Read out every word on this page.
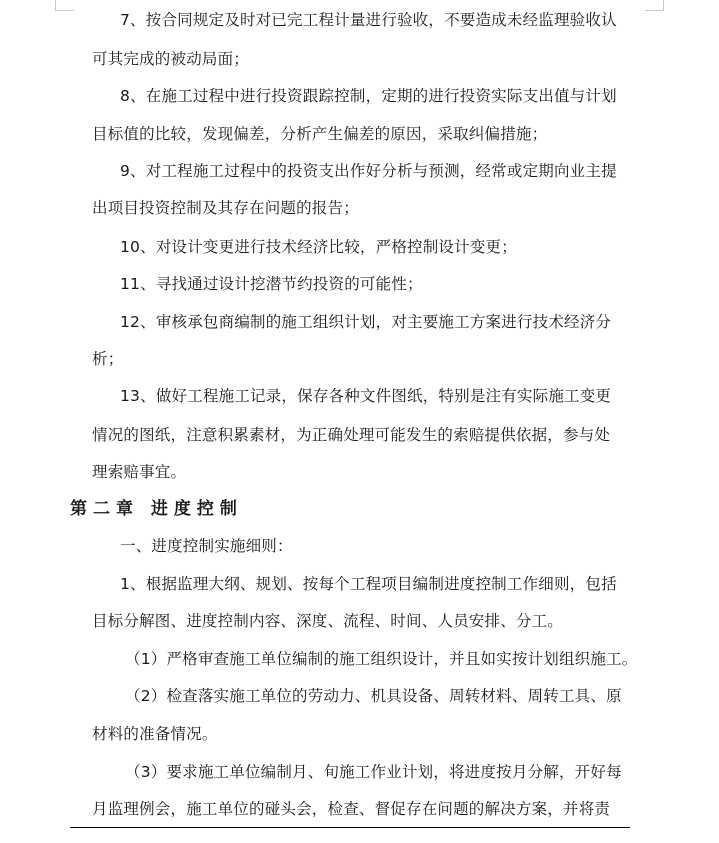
7、按合同规定及时对已完工程计量进行验收，不要造成未经监理验收认
可其完成的被动局面；
8、在施工过程中进行投资跟踪控制，定期的进行投资实际支出值与计划
目标值的比较，发现偏差，分析产生偏差的原因，采取纠偏措施；
9、对工程施工过程中的投资支出作好分析与预测，经常或定期向业主提
出项目投资控制及其存在问题的报告；
10、对设计变更进行技术经济比较，严格控制设计变更；
11、寻找通过设计挖潜节约投资的可能性；
12、审核承包商编制的施工组织计划，对主要施工方案进行技术经济分
析；
13、做好工程施工记录，保存各种文件图纸，特别是注有实际施工变更
情况的图纸，注意积累素材，为正确处理可能发生的索赔提供依据，参与处
理索赔事宜。
第二章 进度控制
一、进度控制实施细则：
1、根据监理大纲、规划、按每个工程项目编制进度控制工作细则，包括
目标分解图、进度控制内容、深度、流程、时间、人员安排、分工。
（1）严格审查施工单位编制的施工组织设计，并且如实按计划组织施工。
（2）检查落实施工单位的劳动力、机具设备、周转材料、周转工具、原
材料的准备情况。
（3）要求施工单位编制月、旬施工作业计划，将进度按月分解，开好每
月监理例会，施工单位的碰头会，检查、督促存在问题的解决方案，并将责
